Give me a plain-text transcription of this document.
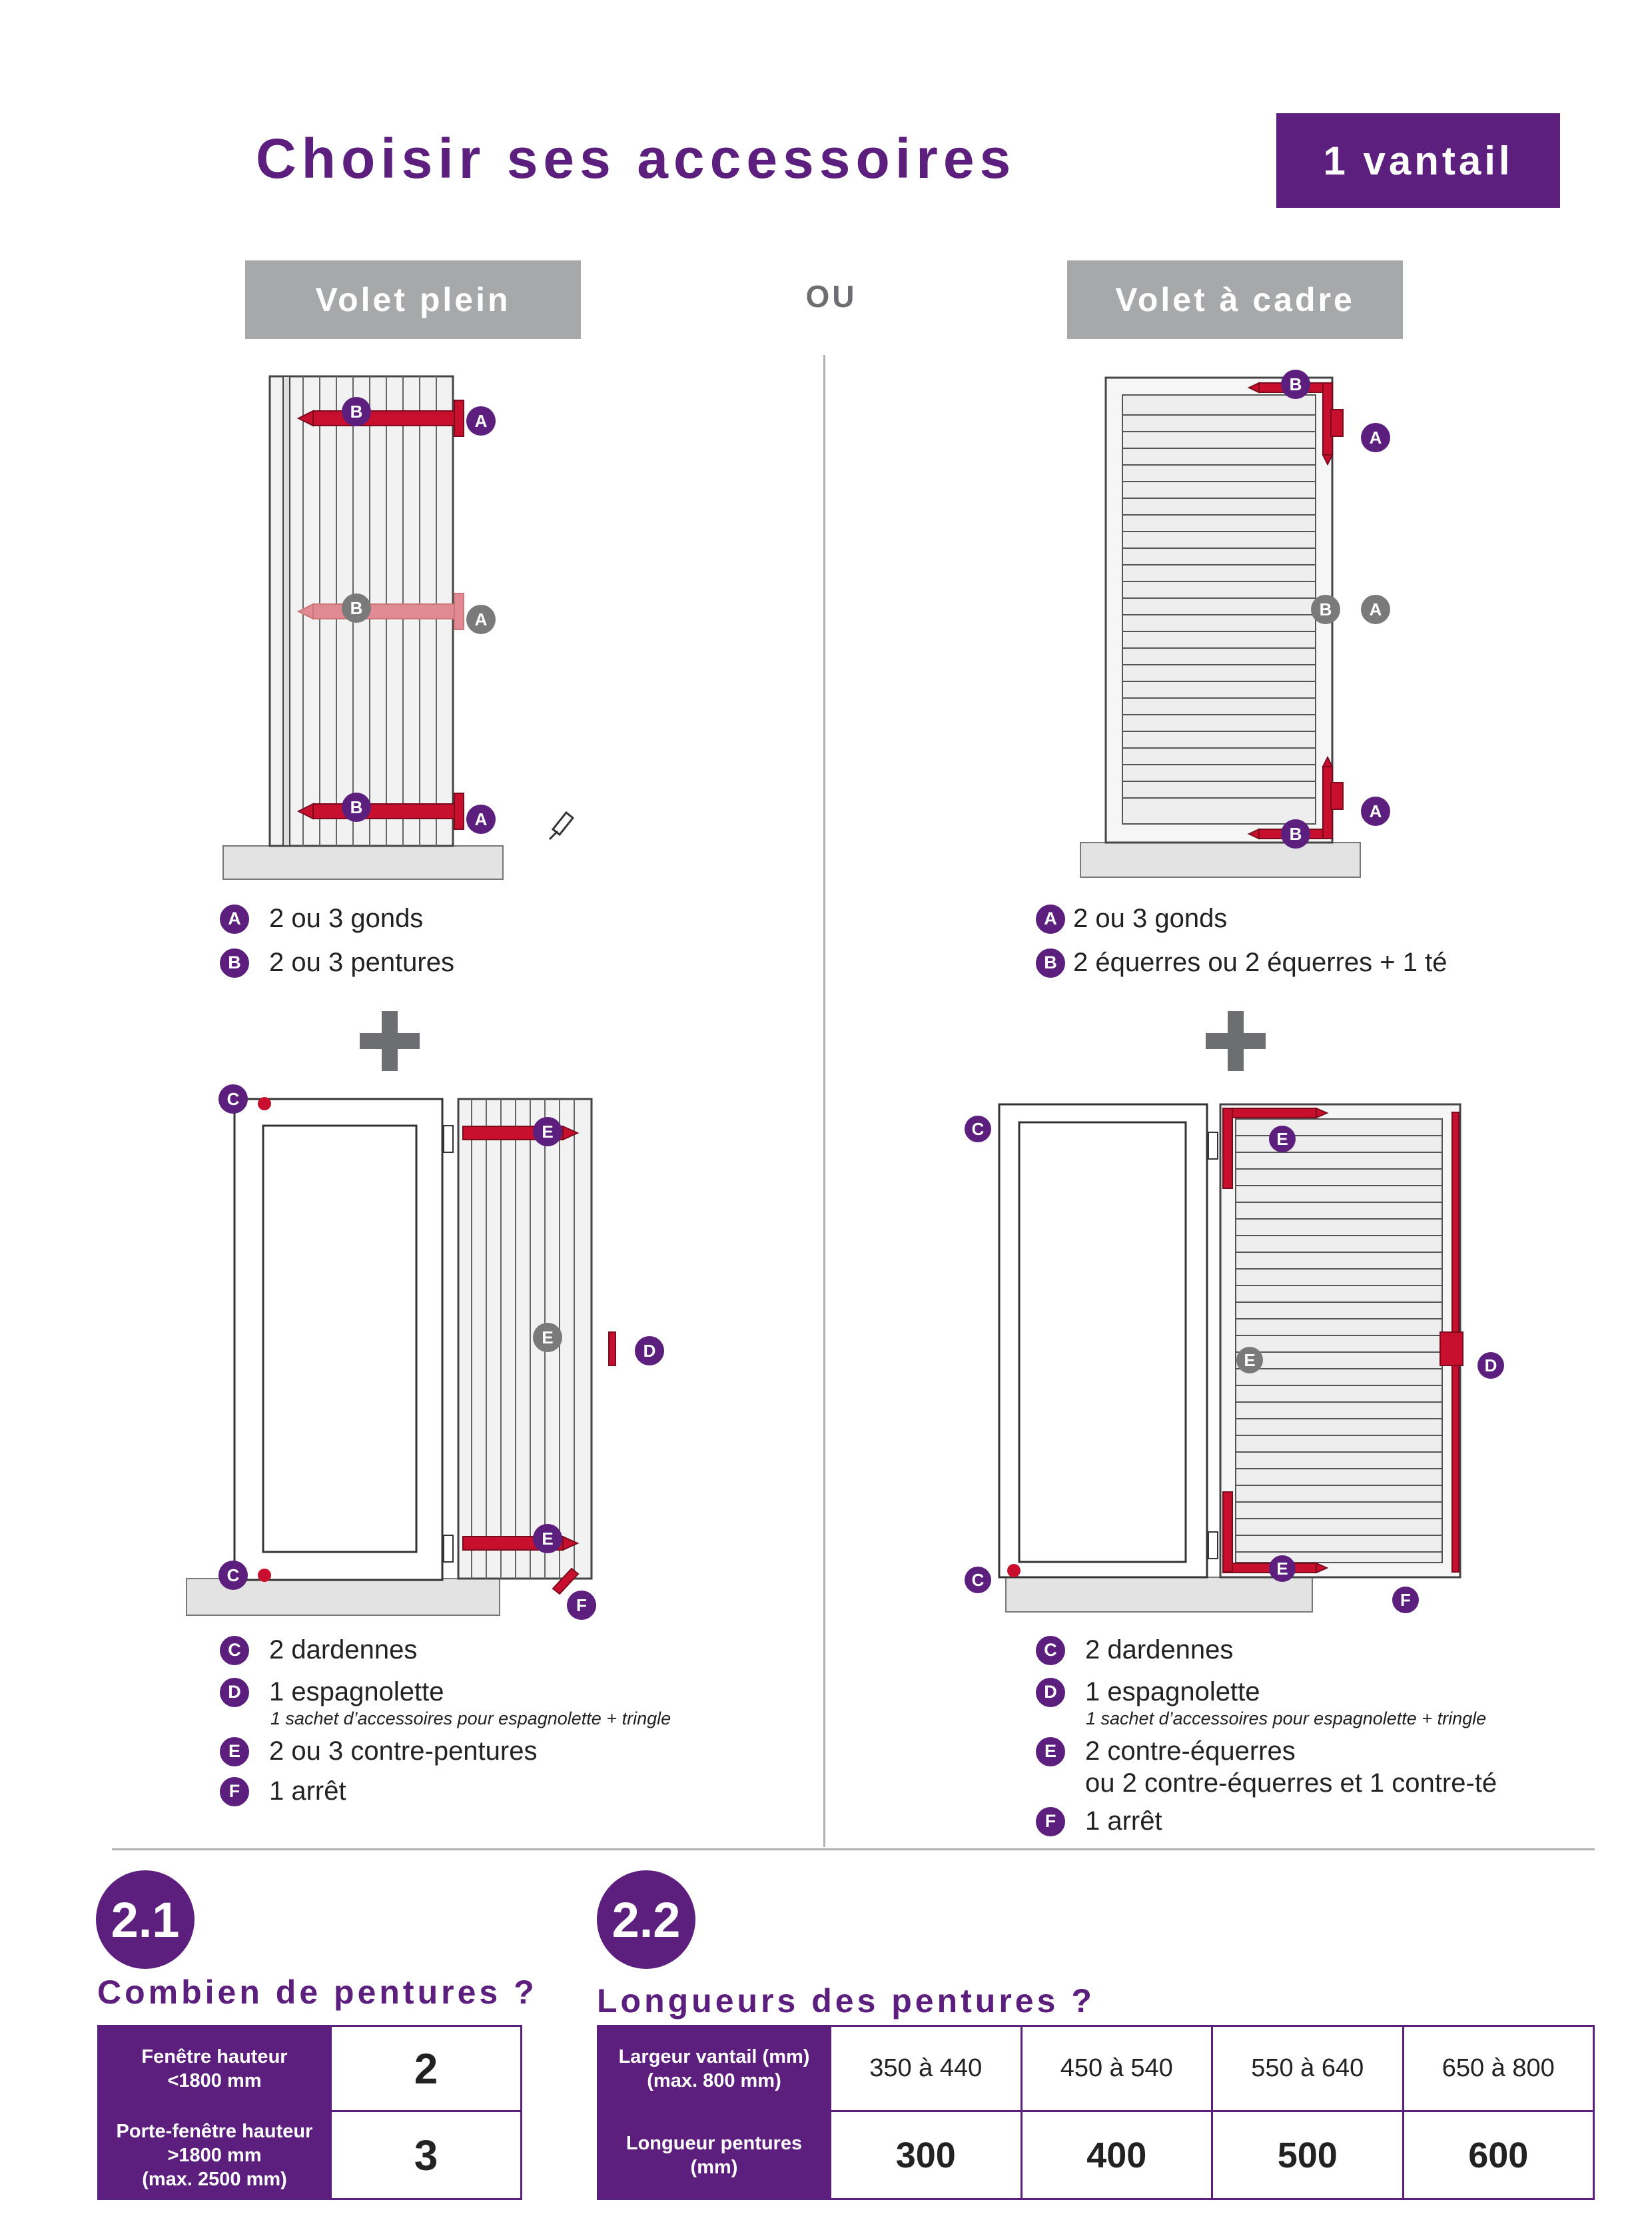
Choisir ses accessoires	1 vantail
Volet plein	OU	Volet à cadre
B	A
B
A
B
A
B
A
B A
A
B
A	2 ou 3 gonds
B	2 ou 3 pentures
A 2 ou 3 gonds
B 2 équerres ou 2 équerres + 1 té
C
C
E
E
E
D
F
C
C
E
E
E
D
F
C	2 dardennes
D	1 espagnolette
1 sachet d’accessoires pour espagnolette + tringle
E	2 ou 3 contre-pentures
F	1 arrêt
C	2 dardennes
D	1 espagnolette
1 sachet d’accessoires pour espagnolette + tringle
E	2 contre-équerres
ou 2 contre-équerres et 1 contre-té
F	1 arrêt
2.1
Combien de pentures ?
Fenêtre hauteur
<1800 mm	2

Porte-fenêtre hauteur
>1800 mm
(max. 2500 mm)	3
2.2
Longueurs des pentures ?
Largeur vantail (mm)
(max. 800 mm)	350 à 440	450 à 540	550 à 640	650 à 800

Longueur pentures
(mm)	300	400	500	600
